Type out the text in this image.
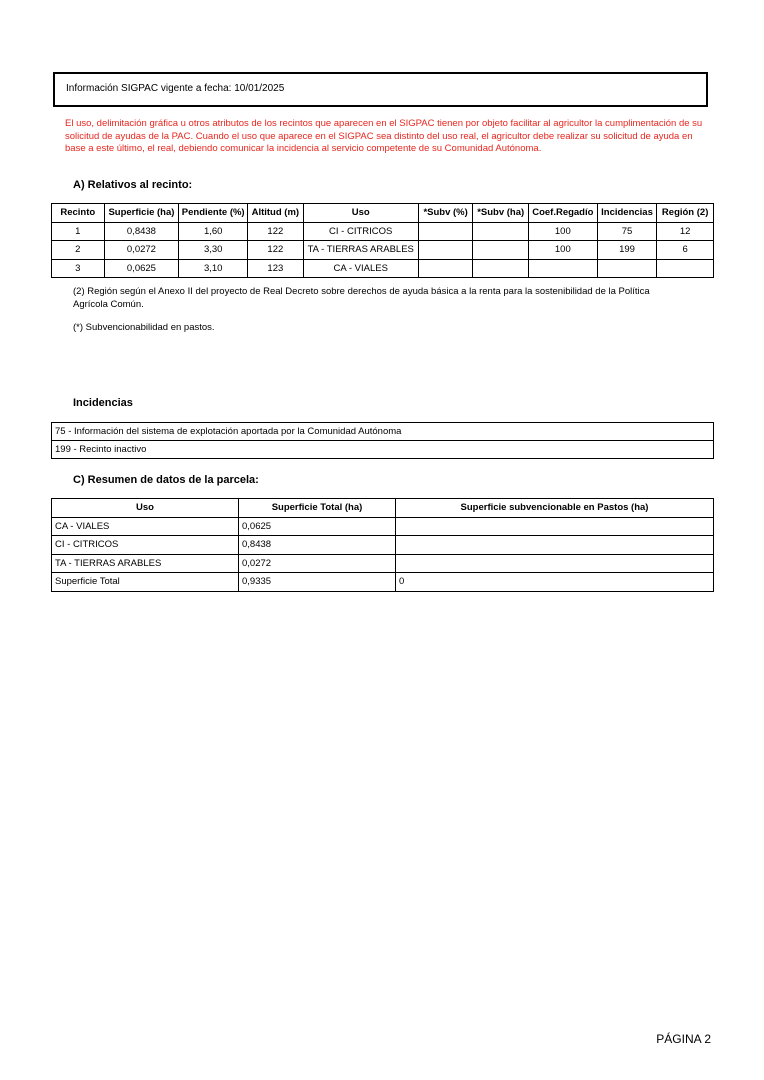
Información SIGPAC vigente a fecha: 10/01/2025
El uso, delimitación gráfica u otros atributos de los recintos que aparecen en el SIGPAC tienen por objeto facilitar al agricultor la cumplimentación de su solicitud de ayudas de la PAC. Cuando el uso que aparece en el SIGPAC sea distinto del uso real, el agricultor debe realizar su solicitud de ayuda en base a este último, el real, debiendo comunicar la incidencia al servicio competente de su Comunidad Autónoma.
A) Relativos al recinto:
Recinto	Superficie (ha)	Pendiente (%)	Altitud (m)	Uso	*Subv (%)	*Subv (ha)	Coef.Regadío	Incidencias	Región (2)
1	0,8438	1,60	122	CI - CITRICOS			100	75	12
2	0,0272	3,30	122	TA - TIERRAS ARABLES			100	199	6
3	0,0625	3,10	123	CA - VIALES					
(2) Región según el Anexo II del proyecto de Real Decreto sobre derechos de ayuda básica a la renta para la sostenibilidad de la Política Agrícola Común.
(*) Subvencionabilidad en pastos.
Incidencias
75 - Información del sistema de explotación aportada por la Comunidad Autónoma
199 - Recinto inactivo
C) Resumen de datos de la parcela:
Uso	Superficie Total (ha)	Superficie subvencionable en Pastos (ha)
CA - VIALES	0,0625	
CI - CITRICOS	0,8438	
TA - TIERRAS ARABLES	0,0272	
Superficie Total	0,9335	0
PÁGINA 2
